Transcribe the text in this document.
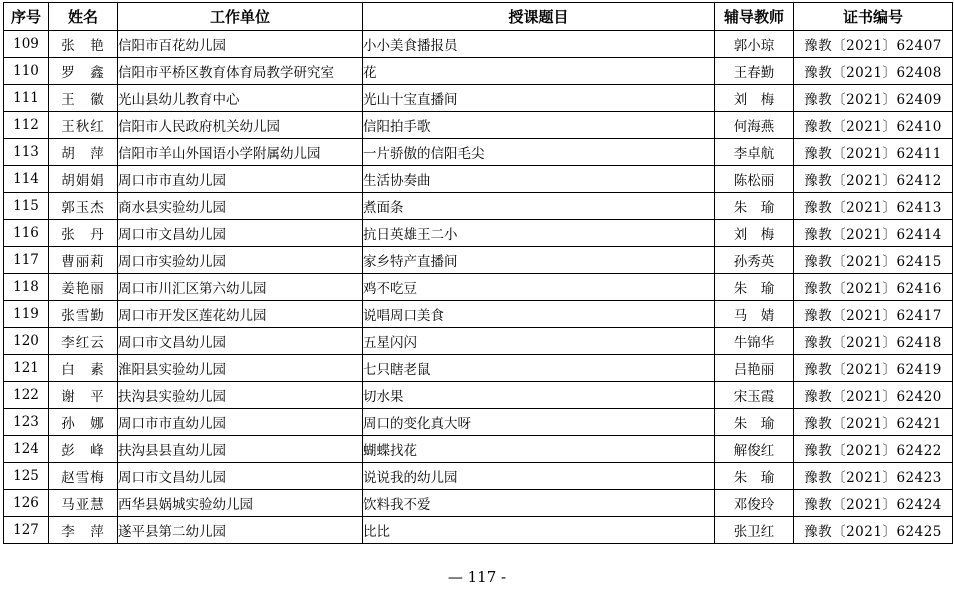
序号	姓名	工作单位	授课题目	辅导教师	证书编号
109	张　艳	信阳市百花幼儿园	小小美食播报员	郭小琼	豫教〔2021〕62407
110	罗　鑫	信阳市平桥区教育体育局教学研究室	花	王春勤	豫教〔2021〕62408
111	王　徽	光山县幼儿教育中心	光山十宝直播间	刘　梅	豫教〔2021〕62409
112	王秋红	信阳市人民政府机关幼儿园	信阳拍手歌	何海燕	豫教〔2021〕62410
113	胡　萍	信阳市羊山外国语小学附属幼儿园	一片骄傲的信阳毛尖	李卓航	豫教〔2021〕62411
114	胡娟娟	周口市市直幼儿园	生活协奏曲	陈松丽	豫教〔2021〕62412
115	郭玉杰	商水县实验幼儿园	煮面条	朱　瑜	豫教〔2021〕62413
116	张　丹	周口市文昌幼儿园	抗日英雄王二小	刘　梅	豫教〔2021〕62414
117	曹丽莉	周口市实验幼儿园	家乡特产直播间	孙秀英	豫教〔2021〕62415
118	姜艳丽	周口市川汇区第六幼儿园	鸡不吃豆	朱　瑜	豫教〔2021〕62416
119	张雪勤	周口市开发区莲花幼儿园	说唱周口美食	马　婧	豫教〔2021〕62417
120	李红云	周口市文昌幼儿园	五星闪闪	牛锦华	豫教〔2021〕62418
121	白　素	淮阳县实验幼儿园	七只瞎老鼠	吕艳丽	豫教〔2021〕62419
122	谢　平	扶沟县实验幼儿园	切水果	宋玉霞	豫教〔2021〕62420
123	孙　娜	周口市市直幼儿园	周口的变化真大呀	朱　瑜	豫教〔2021〕62421
124	彭　峰	扶沟县县直幼儿园	蝴蝶找花	解俊红	豫教〔2021〕62422
125	赵雪梅	周口市文昌幼儿园	说说我的幼儿园	朱　瑜	豫教〔2021〕62423
126	马亚慧	西华县娲城实验幼儿园	饮料我不爱	邓俊玲	豫教〔2021〕62424
127	李　萍	遂平县第二幼儿园	比比	张卫红	豫教〔2021〕62425
— 117 -
